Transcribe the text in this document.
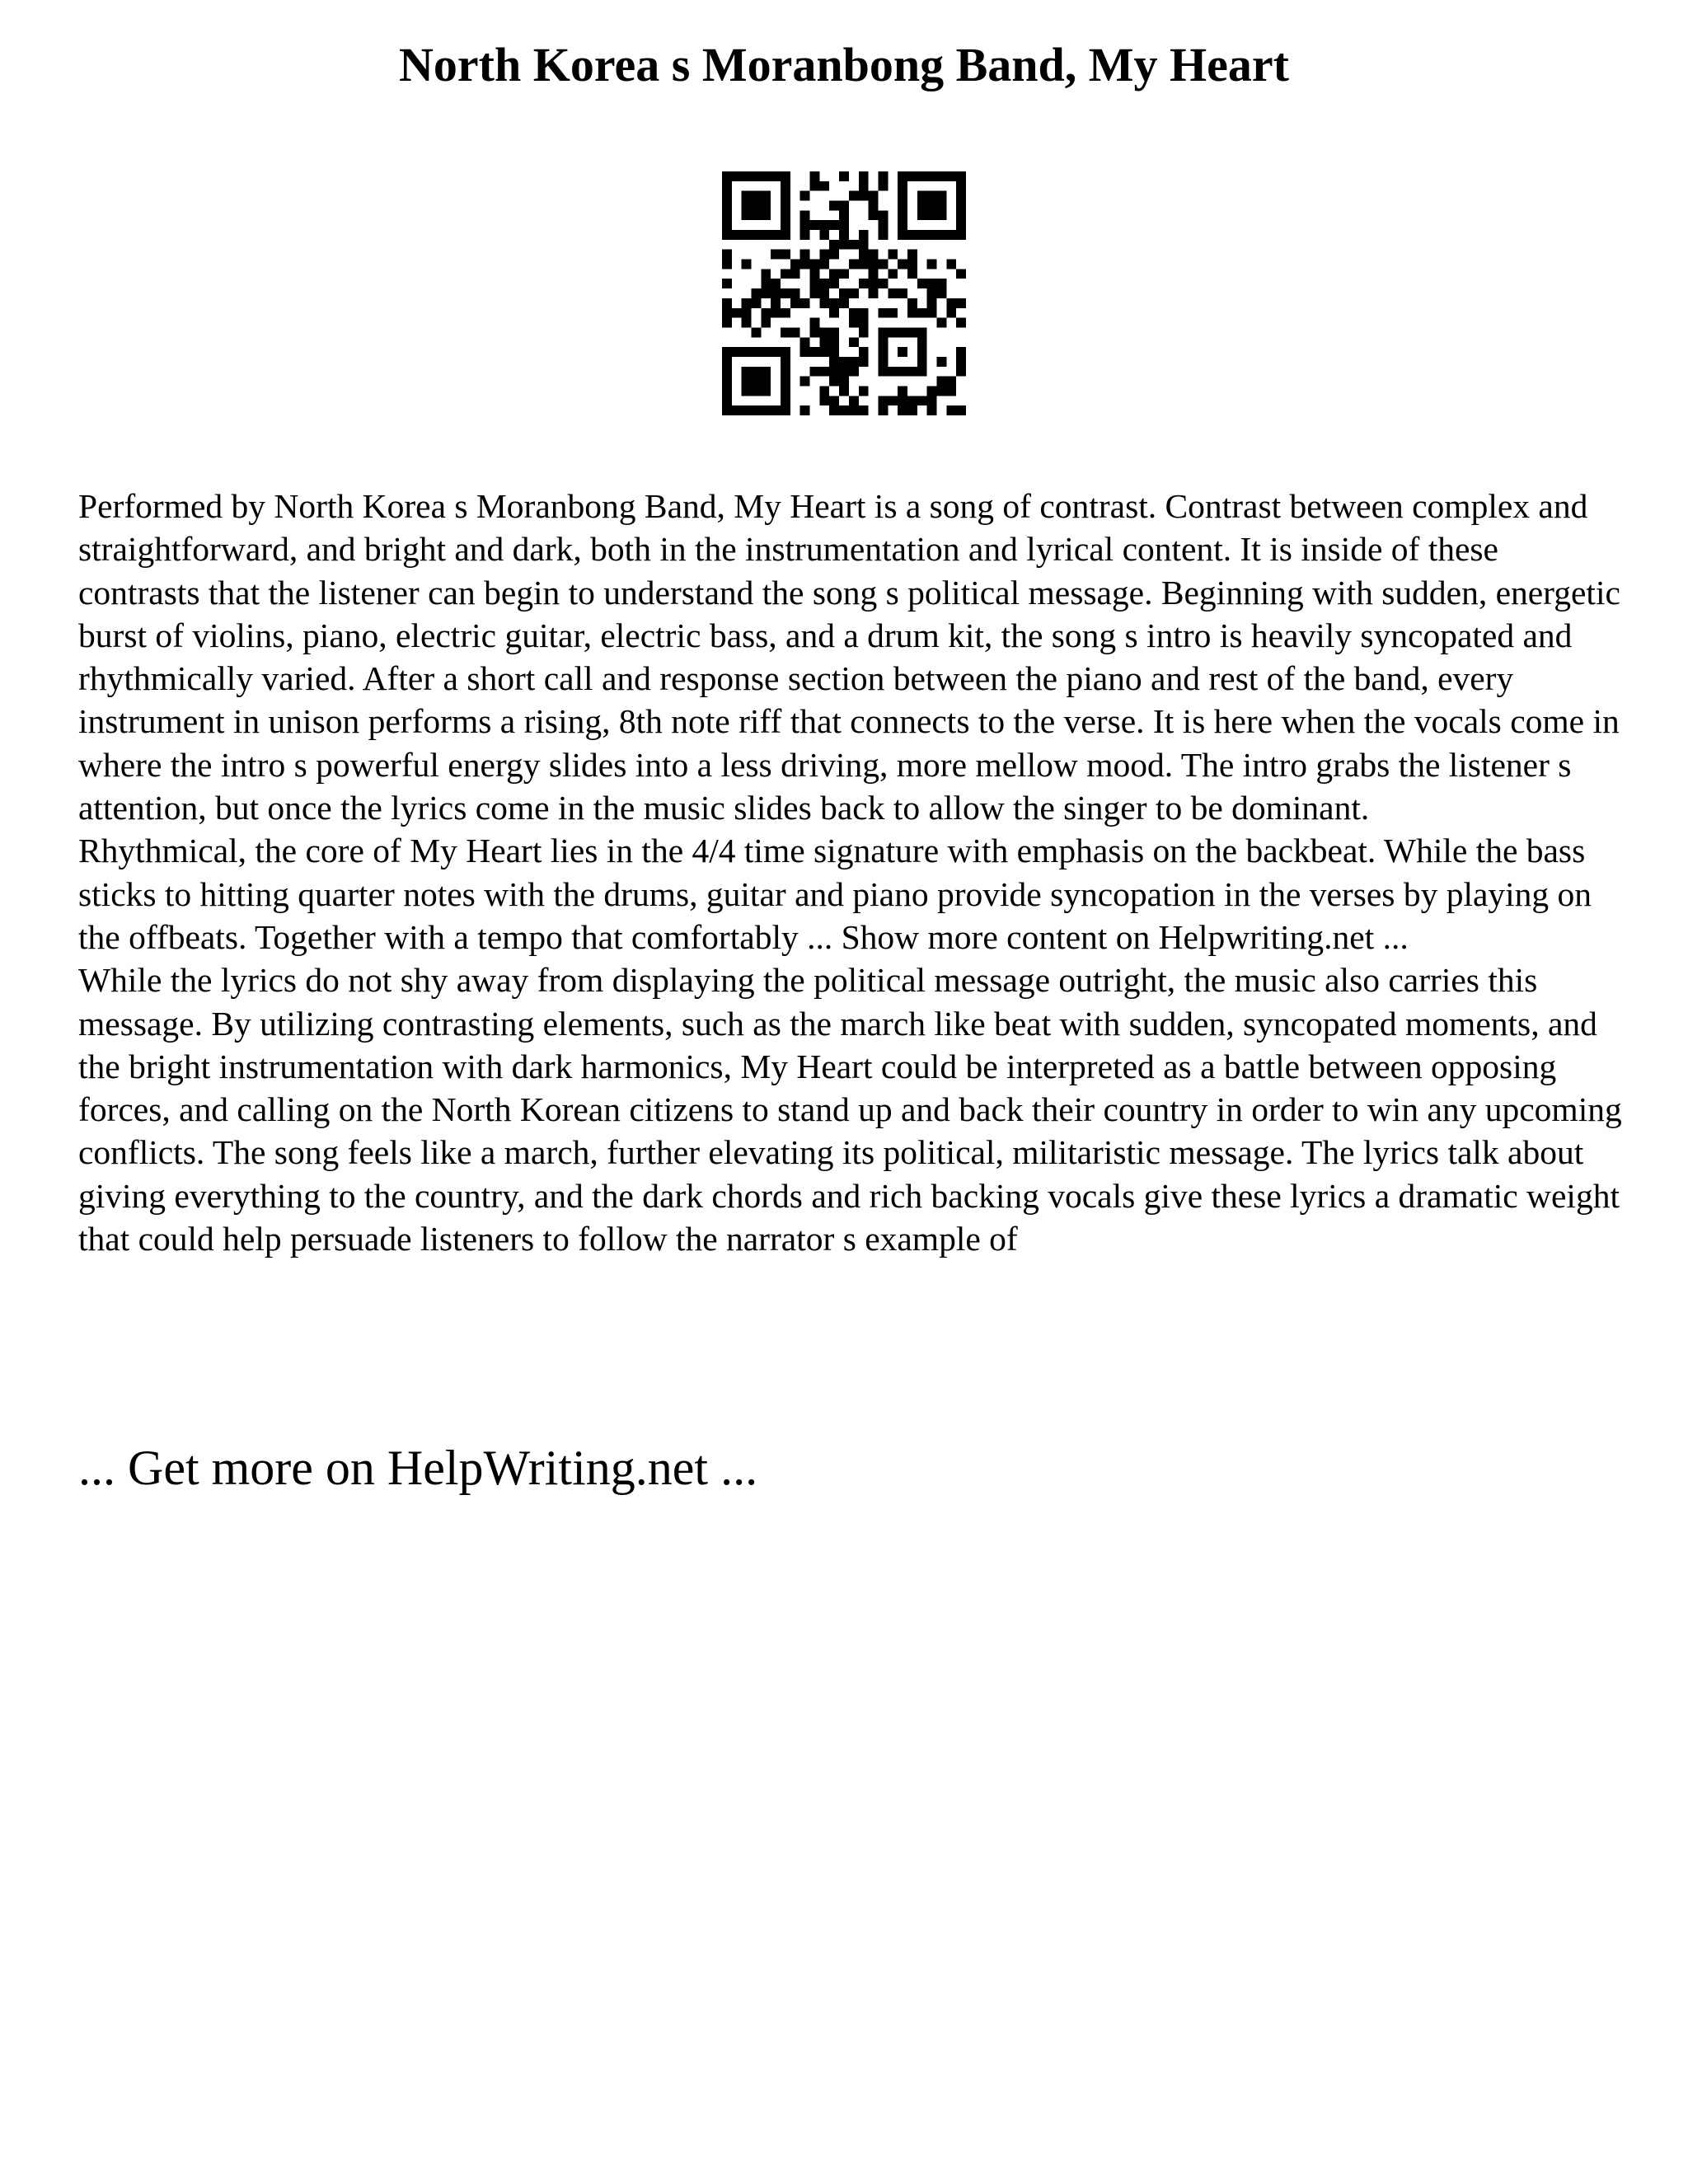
North Korea s Moranbong Band, My Heart

Performed by North Korea s Moranbong Band, My Heart is a song of contrast. Contrast between complex and straightforward, and bright and dark, both in the instrumentation and lyrical content. It is inside of these contrasts that the listener can begin to understand the song s political message. Beginning with sudden, energetic burst of violins, piano, electric guitar, electric bass, and a drum kit, the song s intro is heavily syncopated and rhythmically varied. After a short call and response section between the piano and rest of the band, every instrument in unison performs a rising, 8th note riff that connects to the verse. It is here when the vocals come in where the intro s powerful energy slides into a less driving, more mellow mood. The intro grabs the listener s attention, but once the lyrics come in the music slides back to allow the singer to be dominant.

Rhythmical, the core of My Heart lies in the 4/4 time signature with emphasis on the backbeat. While the bass sticks to hitting quarter notes with the drums, guitar and piano provide syncopation in the verses by playing on the offbeats. Together with a tempo that comfortably ... Show more content on Helpwriting.net ...

While the lyrics do not shy away from displaying the political message outright, the music also carries this message. By utilizing contrasting elements, such as the march like beat with sudden, syncopated moments, and the bright instrumentation with dark harmonics, My Heart could be interpreted as a battle between opposing forces, and calling on the North Korean citizens to stand up and back their country in order to win any upcoming conflicts. The song feels like a march, further elevating its political, militaristic message. The lyrics talk about giving everything to the country, and the dark chords and rich backing vocals give these lyrics a dramatic weight that could help persuade listeners to follow the narrator s example of

... Get more on HelpWriting.net ...
